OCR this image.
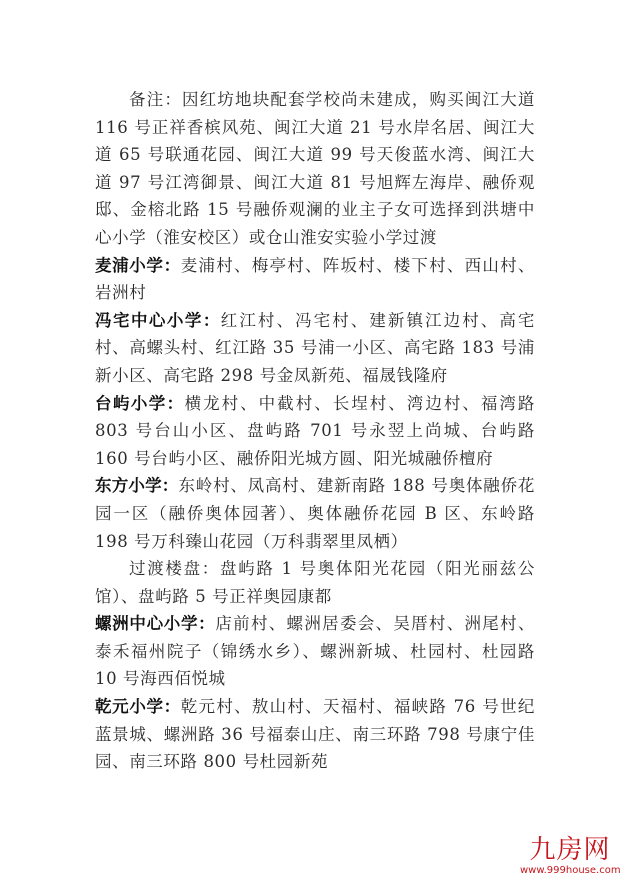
备注：因红坊地块配套学校尚未建成，购买闽江大道 116 号正祥香槟风苑、闽江大道 21 号水岸名居、闽江大道 65 号联通花园、闽江大道 99 号天俊蓝水湾、闽江大道 97 号江湾御景、闽江大道 81 号旭辉左海岸、融侨观邸、金榕北路 15 号融侨观澜的业主子女可选择到洪塘中心小学（淮安校区）或仓山淮安实验小学过渡

麦浦小学：麦浦村、梅亭村、阵坂村、楼下村、西山村、岩洲村

冯宅中心小学：红江村、冯宅村、建新镇江边村、高宅村、高螺头村、红江路 35 号浦一小区、高宅路 183 号浦新小区、高宅路 298 号金凤新苑、福晟钱隆府

台屿小学：横龙村、中截村、长埕村、湾边村、福湾路 803 号台山小区、盘屿路 701 号永翌上尚城、台屿路 160 号台屿小区、融侨阳光城方圆、阳光城融侨檀府

东方小学：东岭村、凤高村、建新南路 188 号奥体融侨花园一区（融侨奥体园著）、奥体融侨花园 B 区、东岭路 198 号万科臻山花园（万科翡翠里凤栖）

过渡楼盘：盘屿路 1 号奥体阳光花园（阳光丽兹公馆）、盘屿路 5 号正祥奥园康都

螺洲中心小学：店前村、螺洲居委会、吴厝村、洲尾村、泰禾福州院子（锦绣水乡）、螺洲新城、杜园村、杜园路 10 号海西佰悦城

乾元小学：乾元村、敖山村、天福村、福峡路 76 号世纪蓝景城、螺洲路 36 号福泰山庄、南三环路 798 号康宁佳园、南三环路 800 号杜园新苑

九房网
www.999house.com
